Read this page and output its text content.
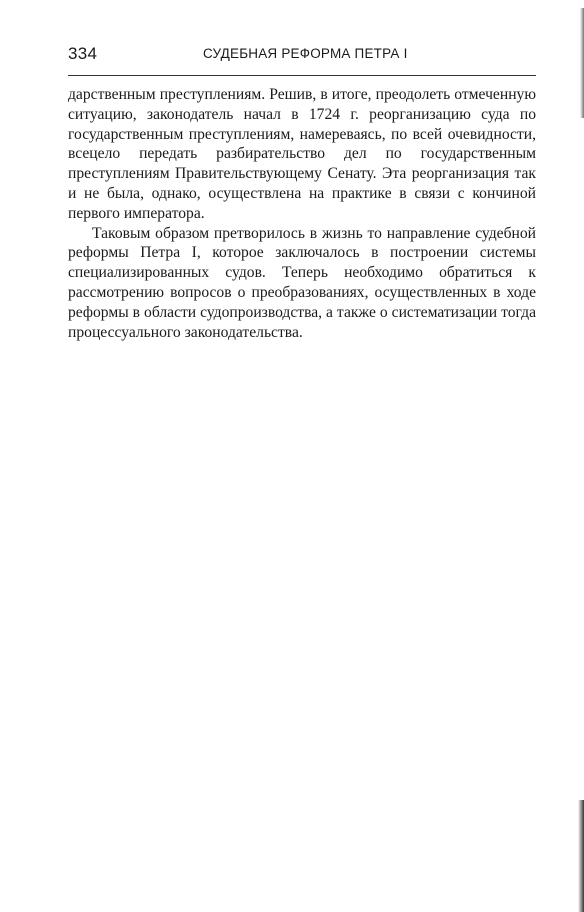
334	СУДЕБНАЯ РЕФОРМА ПЕТРА I

дарственным преступлениям. Решив, в итоге, преодолеть отмеченную ситуацию, законодатель начал в 1724 г. реорганизацию суда по государственным преступлениям, намереваясь, по всей очевидности, всецело передать разбирательство дел по государственным преступлениям Правительствующему Сенату. Эта реорганизация так и не была, однако, осуществлена на практике в связи с кончиной первого императора.

Таковым образом претворилось в жизнь то направление судебной реформы Петра I, которое заключалось в построении системы специализированных судов. Теперь необходимо обратиться к рассмотрению вопросов о преобразованиях, осуществленных в ходе реформы в области судопроизводства, а также о систематизации тогда процессуального законодательства.
